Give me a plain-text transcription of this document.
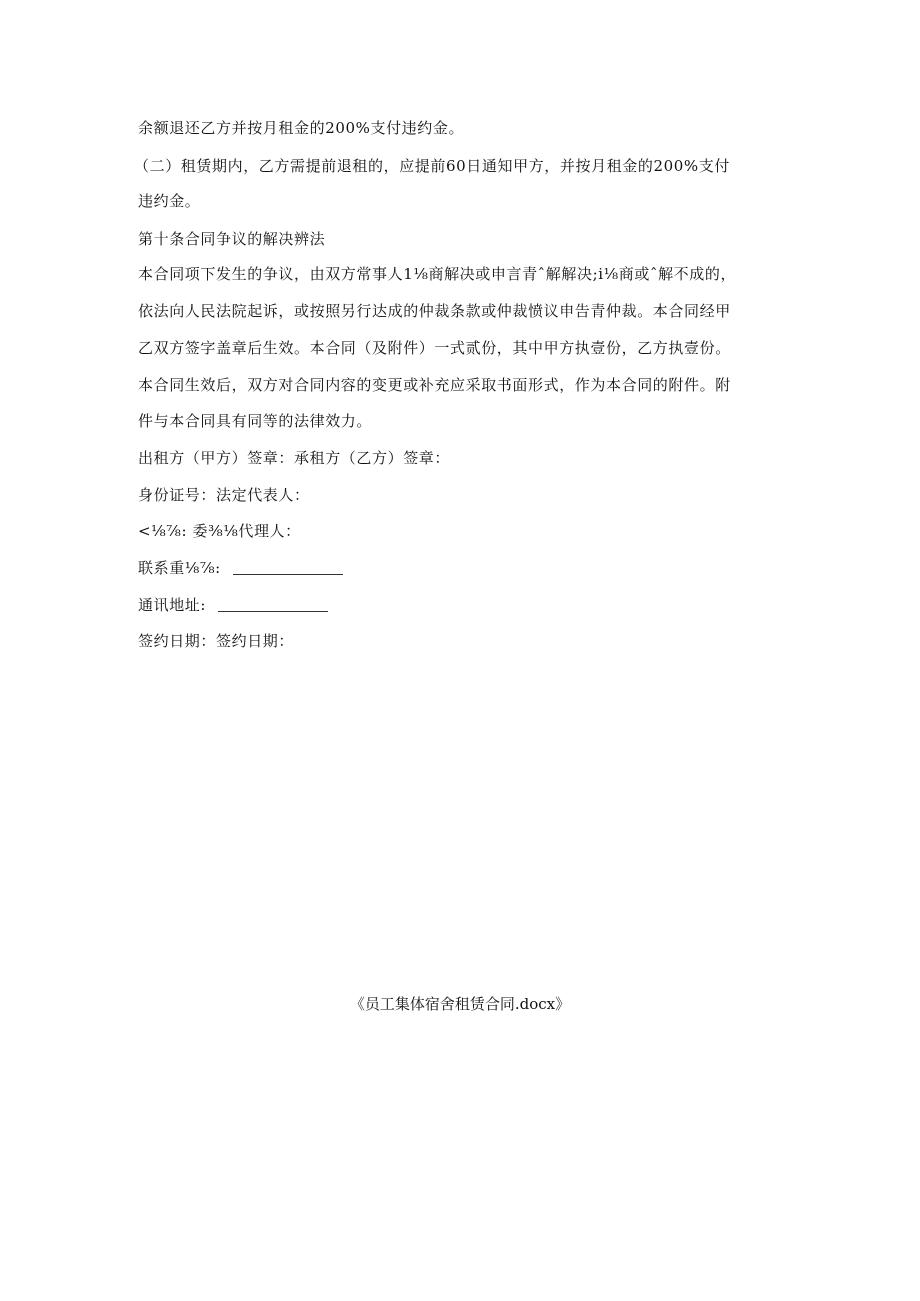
余额退还乙方并按月租金的200%支付违约金。
（二）租赁期内，乙方需提前退租的，应提前60日通知甲方，并按月租金的200%支付
违约金。
第十条合同争议的解决辨法
本合同项下发生的争议，由双方常事人1⅛商解决或申言青ˆ解解决;i⅛商或ˆ解不成的，
依法向人民法院起诉，或按照另行达成的仲裁条款或仲裁愤议申告青仲裁。本合同经甲
乙双方签字盖章后生效。本合同（及附件）一式贰份，其中甲方执壹份，乙方执壹份。
本合同生效后，双方对合同内容的变更或补充应采取书面形式，作为本合同的附件。附
件与本合同具有同等的法律效力。
出租方（甲方）签章：承租方（乙方）签章：
身份证号：法定代表人：
<⅛⅞: 委⅜⅛代理人：
联系重⅛⅞:
通讯地址:
签约日期：签约日期：
《员工集体宿舍租赁合同.docx》
